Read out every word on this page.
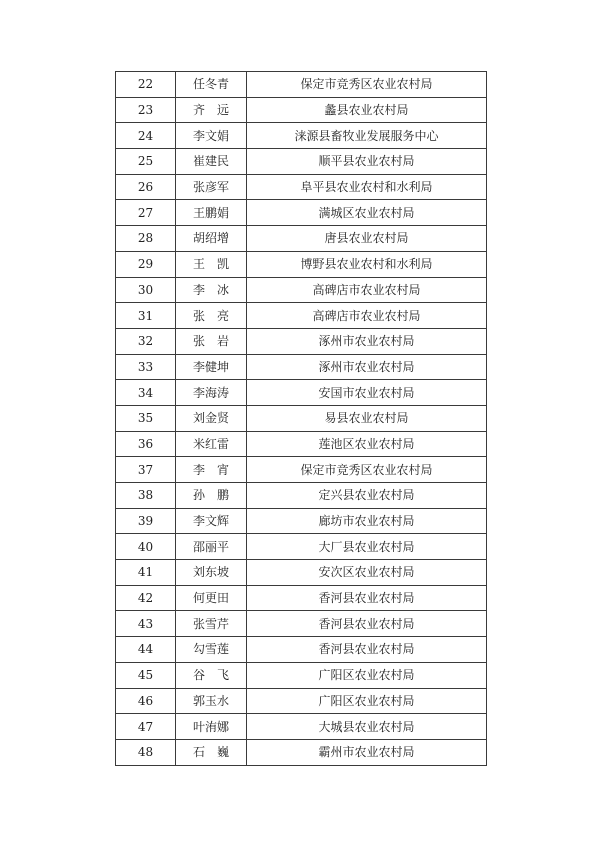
22	任冬青	保定市竞秀区农业农村局
23	齐　远	蠡县农业农村局
24	李文娟	涞源县畜牧业发展服务中心
25	崔建民	顺平县农业农村局
26	张彦军	阜平县农业农村和水利局
27	王鹏娟	满城区农业农村局
28	胡绍增	唐县农业农村局
29	王　凯	博野县农业农村和水利局
30	李　冰	高碑店市农业农村局
31	张　亮	高碑店市农业农村局
32	张　岩	涿州市农业农村局
33	李健坤	涿州市农业农村局
34	李海涛	安国市农业农村局
35	刘金贤	易县农业农村局
36	米红雷	莲池区农业农村局
37	李　宵	保定市竞秀区农业农村局
38	孙　鹏	定兴县农业农村局
39	李文辉	廊坊市农业农村局
40	邵丽平	大厂县农业农村局
41	刘东坡	安次区农业农村局
42	何更田	香河县农业农村局
43	张雪芹	香河县农业农村局
44	勾雪莲	香河县农业农村局
45	谷　飞	广阳区农业农村局
46	郭玉水	广阳区农业农村局
47	叶洧娜	大城县农业农村局
48	石　巍	霸州市农业农村局
